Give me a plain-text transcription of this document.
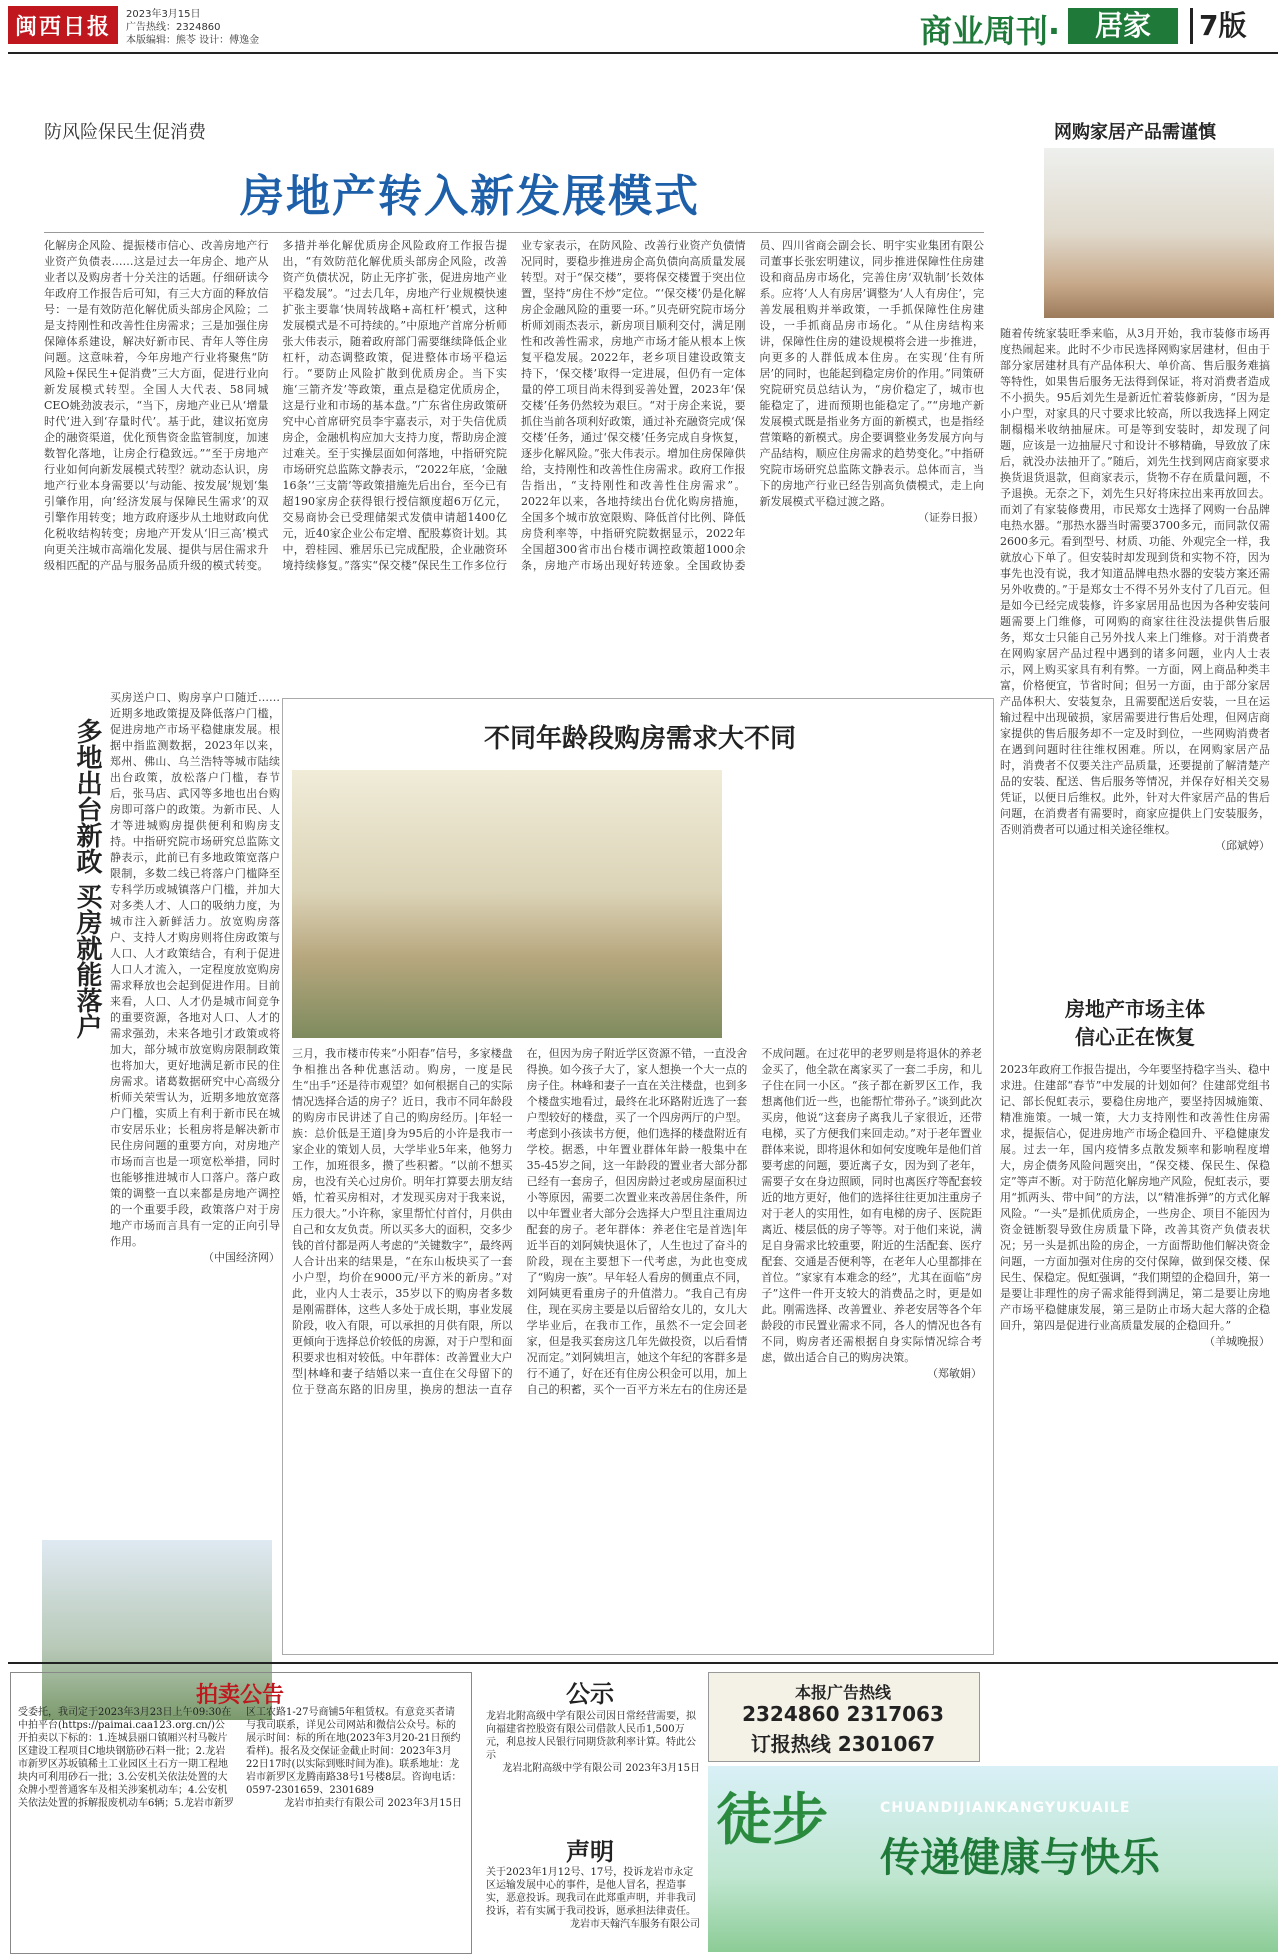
闽西日报	2023年3月15日
广告热线：2324860
本版编辑：熊苓 设计：傅逸金	商业周刊·	居家	7版
防风险保民生促消费
房地产转入新发展模式
化解房企风险、提振楼市信心、改善房地产行业资产负债表……这是过去一年房企、地产从业者以及购房者十分关注的话题。仔细研读今年政府工作报告后可知，有三大方面的释放信号：一是有效防范化解优质头部房企风险；二是支持刚性和改善性住房需求；三是加强住房保障体系建设，解决好新市民、青年人等住房问题。这意味着，今年房地产行业将聚焦“防风险+保民生+促消费”三大方面，促进行业向新发展模式转型。全国人大代表、58同城CEO姚劲波表示，“当下，房地产业已从‘增量时代’进入到‘存量时代’。基于此，建议拓宽房企的融资渠道，优化预售资金监管制度，加速数智化落地，让房企行稳致远。”“至于房地产行业如何向新发展模式转型？就动态认识，房地产行业本身需要以‘与动能、按发展’规划‘集引肇作用，向’经济发展与保障民生需求’的双引擎作用转变；地方政府逐步从土地财政向优化税收结构转变；房地产开发从‘旧三高’模式向更关注城市高端化发展、提供与居住需求升级相匹配的产品与服务品质升级的模式转变。多措并举化解优质房企风险政府工作报告提出，“有效防范化解优质头部房企风险，改善资产负债状况，防止无序扩张，促进房地产业平稳发展”。“过去几年，房地产行业规模快速扩张主要靠‘快周转战略+高杠杆’模式，这种发展模式是不可持续的。”中原地产首席分析师张大伟表示，随着政府部门需要继续降低企业杠杆，动态调整政策，促进整体市场平稳运行。“要防止风险扩散到优质房企。当下实施‘三箭齐发’等政策，重点是稳定优质房企，这是行业和市场的基本盘。”广东省住房政策研究中心首席研究员李宇嘉表示，对于失信优质房企，金融机构应加大支持力度，帮助房企渡过难关。至于实操层面如何落地，中指研究院市场研究总监陈文静表示，“2022年底，‘金融16条’‘三支箭’等政策措施先后出台，至今已有超190家房企获得银行授信额度超6万亿元，交易商协会已受理储架式发债申请超1400亿元，近40家企业公布定增、配股募资计划。其中，碧桂园、雅居乐已完成配股，企业融资环境持续修复。”落实“保交楼”保民生工作多位行业专家表示，在防风险、改善行业资产负债情况同时，要稳步推进房企高负债向高质量发展转型。对于“保交楼”，要将保交楼置于突出位置，坚持“房住不炒”定位。“‘保交楼’仍是化解房企金融风险的重要一环。”贝壳研究院市场分析师刘雨杰表示，新房项目顺利交付，满足刚性和改善性需求，房地产市场才能从根本上恢复平稳发展。2022年，老乡项目建设政策支持下，‘保交楼’取得一定进展，但仍有一定体量的停工项目尚未得到妥善处置，2023年‘保交楼’任务仍然较为艰巨。“对于房企来说，要抓住当前各项利好政策，通过补充融资完成‘保交楼’任务，通过‘保交楼’任务完成自身恢复，逐步化解风险。”张大伟表示。增加住房保障供给，支持刚性和改善性住房需求。政府工作报告指出，“支持刚性和改善性住房需求”。2022年以来，各地持续出台优化购房措施，全国多个城市放宽限购、降低首付比例、降低房贷利率等，中指研究院数据显示，2022年全国超300省市出台楼市调控政策超1000余条，房地产市场出现好转迹象。全国政协委员、四川省商会副会长、明宇实业集团有限公司董事长张宏明建议，同步推进保障性住房建设和商品房市场化，完善住房‘双轨制’长效体系。应将‘人人有房居’调整为‘人人有房住’，完善发展租购并举政策，一手抓保障性住房建设，一手抓商品房市场化。“从住房结构来讲，保障性住房的建设规模将会进一步推进，向更多的人群低成本住房。在实现‘住有所居’的同时，也能起到稳定房价的作用。”同策研究院研究员总结认为，“房价稳定了，城市也能稳定了，进而预期也能稳定了。”“房地产新发展模式既是指业务方面的新模式，也是指经营策略的新模式。房企要调整业务发展方向与产品结构，顺应住房需求的趋势变化。”中指研究院市场研究总监陈文静表示。总体而言，当下的房地产行业已经告别高负债模式，走上向新发展模式平稳过渡之路。
（证券日报）
网购家居产品需谨慎
随着传统家装旺季来临，从3月开始，我市装修市场再度热闹起来。此时不少市民选择网购家居建材，但由于部分家居建材具有产品体积大、单价高、售后服务难搞等特性，如果售后服务无法得到保证，将对消费者造成不小损失。95后刘先生是新近忙着装修新房，“因为是小户型，对家具的尺寸要求比较高，所以我选择上网定制榻榻米收纳抽屉床。可是等到安装时，却发现了问题，应该是一边抽屉尺寸和设计不够精确，导致放了床后，就没办法抽开了。”随后，刘先生找到网店商家要求换货退货退款，但商家表示，货物不存在质量问题，不予退换。无奈之下，刘先生只好将床拉出来再放回去。而刘了有家装修费用，市民郑女士选择了网购一台品牌电热水器。“那热水器当时需要3700多元，而同款仅需2600多元。看到型号、材质、功能、外观完全一样，我就放心下单了。但安装时却发现到货和实物不符，因为事先也没有说，我才知道品牌电热水器的安装方案还需另外收费的。”于是郑女士不得不另外支付了几百元。但是如今已经完成装修，许多家居用品也因为各种安装问题需要上门维修，可网购的商家往往没法提供售后服务，郑女士只能自己另外找人来上门维修。对于消费者在网购家居产品过程中遇到的诸多问题，业内人士表示，网上购买家具有利有弊。一方面，网上商品种类丰富，价格便宜，节省时间；但另一方面，由于部分家居产品体积大、安装复杂，且需要配送后安装，一旦在运输过程中出现破损，家居需要进行售后处理，但网店商家提供的售后服务却不一定及时到位，一些网购消费者在遇到问题时往往维权困难。所以，在网购家居产品时，消费者不仅要关注产品质量，还要提前了解清楚产品的安装、配送、售后服务等情况，并保存好相关交易凭证，以便日后维权。此外，针对大件家居产品的售后问题，在消费者有需要时，商家应提供上门安装服务，否则消费者可以通过相关途径维权。
（邱斌婷）
房地产市场主体
信心正在恢复
2023年政府工作报告提出，今年要坚持稳字当头、稳中求进。住建部“春节”中发展的计划如何？住建部党组书记、部长倪虹表示，要稳住房地产，要坚持因城施策、精准施策。一城一策，大力支持刚性和改善性住房需求，提振信心，促进房地产市场企稳回升、平稳健康发展。过去一年，国内疫情多点散发频率和影响程度增大，房企债务风险问题突出，“保交楼、保民生、保稳定”等声不断。对于防范化解房地产风险，倪虹表示，要用“抓两头、带中间”的方法，以“精准拆弹”的方式化解风险。“一头”是抓优质房企，一些房企、项目不能因为资金链断裂导致住房质量下降，改善其资产负债表状况；另一头是抓出险的房企，一方面帮助他们解决资金问题，一方面加强对住房的交付保障，做到保交楼、保民生、保稳定。倪虹强调，“我们期望的企稳回升，第一是要让非理性的房子需求能得到满足，第二是要让房地产市场平稳健康发展，第三是防止市场大起大落的企稳回升，第四是促进行业高质量发展的企稳回升。”
（羊城晚报）
多地出台新政 买房就能落户
买房送户口、购房享户口随迁……近期多地政策提及降低落户门槛，促进房地产市场平稳健康发展。根据中指监测数据，2023年以来，郑州、佛山、乌兰浩特等城市陆续出台政策，放松落户门槛，春节后，张马店、武冈等多地也出台购房即可落户的政策。为新市民、人才等进城购房提供便利和购房支持。中指研究院市场研究总监陈文静表示，此前已有多地政策宽落户限制，多数二线已将落户门槛降至专科学历或城镇落户门槛，并加大对多类人才、人口的吸纳力度，为城市注入新鲜活力。放宽购房落户、支持人才购房则将住房政策与人口、人才政策结合，有利于促进人口人才流入，一定程度放宽购房需求释放也会起到促进作用。目前来看，人口、人才仍是城市间竞争的重要资源，各地对人口、人才的需求强劲，未来各地引才政策或将加大，部分城市放宽购房限制政策也将加大，更好地满足新市民的住房需求。诸葛数据研究中心高级分析师关荣雪认为，近期多地放宽落户门槛，实质上有利于新市民在城市安居乐业；长租房将是解决新市民住房问题的重要方向，对房地产市场而言也是一项宽松举措，同时也能够推进城市人口落户。落户政策的调整一直以来都是房地产调控的一个重要手段，政策落户对于房地产市场而言具有一定的正向引导作用。
（中国经济网）
不同年龄段购房需求大不同
三月，我市楼市传来“小阳春”信号，多家楼盘争相推出各种优惠活动。购房，一度是民生“出手”还是待市观望？如何根据自己的实际情况选择合适的房子？近日，我市不同年龄段的购房市民讲述了自己的购房经历。|年轻一族：总价低是王道|身为95后的小许是我市一家企业的策划人员，大学毕业5年来，他努力工作，加班很多，攒了些积蓄。“以前不想买房，也没有关心过房价。明年打算要去朋友结婚，忙着买房相对，才发现买房对于我来说，压力很大。”小许称，家里帮忙付首付，月供由自己和女友负责。所以买多大的面积，交多少钱的首付都是两人考虑的“关键数字”，最终两人合计出来的结果是，“在东山板块买了一套小户型，均价在9000元/平方米的新房。”对此，业内人士表示，35岁以下的购房者多数是刚需群体，这些人多处于成长期，事业发展阶段，收入有限，可以承担的月供有限，所以更倾向于选择总价较低的房源，对于户型和面积要求也相对较低。中年群体：改善置业大户型|林峰和妻子结婚以来一直住在父母留下的位于登高东路的旧房里，换房的想法一直存在，但因为房子附近学区资源不错，一直没舍得换。如今孩子大了，家人想换一个大一点的房子住。林峰和妻子一直在关注楼盘，也到多个楼盘实地看过，最终在北环路附近选了一套户型较好的楼盘，买了一个四房两厅的户型。考虑到小孩读书方便，他们选择的楼盘附近有学校。据悉，中年置业群体年龄一般集中在35-45岁之间，这一年龄段的置业者大部分都已经有一套房子，但因房龄过老或房屋面积过小等原因，需要二次置业来改善居住条件，所以中年置业者大部分会选择大户型且注重周边配套的房子。老年群体：养老住宅是首选|年近半百的刘阿姨快退休了，人生也过了奋斗的阶段，现在主要想下一代考虑，为此也变成了“购房一族”。早年轻人看房的侧重点不同，刘阿姨更看重房子的升值潜力。“我自己有房住，现在买房主要是以后留给女儿的，女儿大学毕业后，在我市工作，虽然不一定会回老家，但是我买套房这几年先做投资，以后看情况而定。”刘阿姨坦言，她这个年纪的客群多是行不通了，好在还有住房公积金可以用，加上自己的积蓄，买个一百平方米左右的住房还是不成问题。在过花甲的老罗则是将退休的养老金买了，他全款在离家买了一套二手房，和儿子住在同一小区。“孩子都在新罗区工作，我想离他们近一些，也能帮忙带孙子。”谈到此次买房，他说“这套房子离我儿子家很近，还带电梯，买了方便我们来回走动。”对于老年置业群体来说，即将退休和如何安度晚年是他们首要考虑的问题，要近离子女，因为到了老年，需要子女在身边照顾，同时也离医疗等配套较近的地方更好，他们的选择往往更加注重房子对于老人的实用性，如有电梯的房子、医院距离近、楼层低的房子等等。对于他们来说，满足自身需求比较重要，附近的生活配套、医疗配套、交通是否便利等，在老年人心里都排在首位。“家家有本难念的经”，尤其在面临“房子”这件一件开支较大的消费品之时，更是如此。刚需选择、改善置业、养老安居等各个年龄段的市民置业需求不同，各人的情况也各有不同，购房者还需根据自身实际情况综合考虑，做出适合自己的购房决策。
（郑敏娟）
拍卖公告
受委托，我司定于2023年3月23日上午09:30在中拍平台(https://paimai.caa123.org.cn/)公开拍卖以下标的：1.连城县丽口镇厢兴村马鞍片区建设工程项目C地块钢筋砂石料一批；2.龙岩市新罗区苏坂镇稀土工业园区土石方一期工程地块内可利用砂石一批；3.公安机关依法处置的大众牌小型普通客车及相关涉案机动车；4.公安机关依法处置的拆解报废机动车6辆；5.龙岩市新罗区工农路1-27号商铺5年租赁权。有意竞买者请与我司联系，详见公司网站和微信公众号。标的展示时间：标的所在地(2023年3月20-21日预约看样)。报名及交保证金截止时间：2023年3月22日17时(以实际到账时间为准)。联系地址：龙岩市新罗区龙腾南路38号1号楼8层。咨询电话：0597-2301659、2301689
龙岩市拍卖行有限公司 2023年3月15日
公示
龙岩北附高级中学有限公司因日常经营需要，拟向福建省控股资有限公司借款人民币1,500万元，利息按人民银行同期贷款利率计算。特此公示
龙岩北附高级中学有限公司 2023年3月15日
声明
关于2023年1月12号、17号，投诉龙岩市永定区运输发展中心的事件，是他人冒名，捏造事实，恶意投诉。现我司在此郑重声明，并非我司投诉，若有实属于我司投诉，愿承担法律责任。
龙岩市天翰汽车服务有限公司
本报广告热线
2324860 2317063
订报热线 2301067
徒步	CHUANDIJIANKANGYUKUAILE
传递健康与快乐
